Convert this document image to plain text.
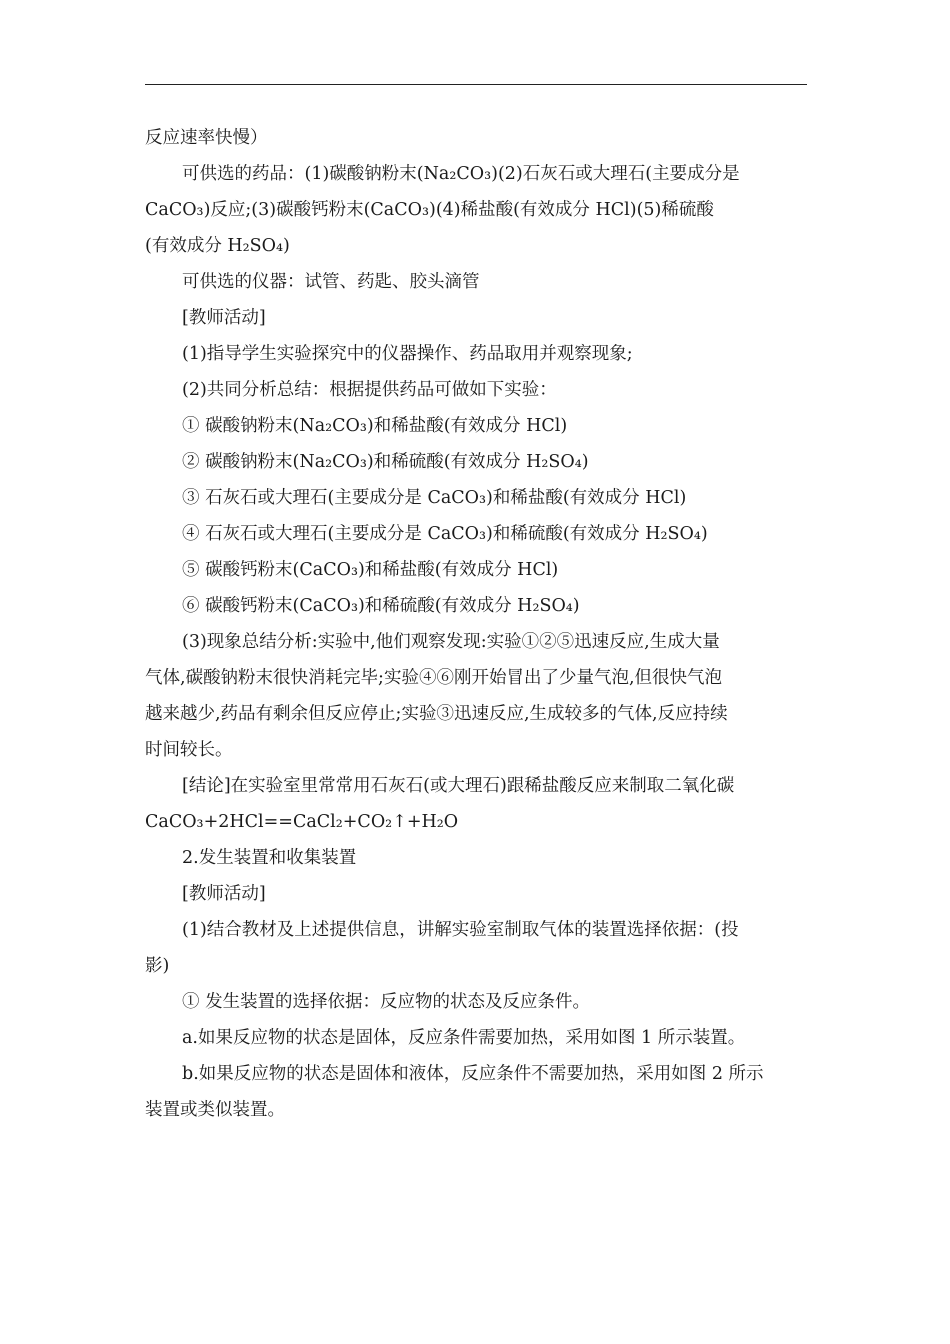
反应速率快慢）

可供选的药品：(1)碳酸钠粉末(Na₂CO₃)(2)石灰石或大理石(主要成分是

CaCO₃)反应;(3)碳酸钙粉末(CaCO₃)(4)稀盐酸(有效成分 HCl)(5)稀硫酸

(有效成分 H₂SO₄)

可供选的仪器：试管、药匙、胶头滴管

[教师活动]

(1)指导学生实验探究中的仪器操作、药品取用并观察现象;

(2)共同分析总结：根据提供药品可做如下实验：

① 碳酸钠粉末(Na₂CO₃)和稀盐酸(有效成分 HCl)

② 碳酸钠粉末(Na₂CO₃)和稀硫酸(有效成分 H₂SO₄)

③ 石灰石或大理石(主要成分是 CaCO₃)和稀盐酸(有效成分 HCl)

④ 石灰石或大理石(主要成分是 CaCO₃)和稀硫酸(有效成分 H₂SO₄)

⑤ 碳酸钙粉末(CaCO₃)和稀盐酸(有效成分 HCl)

⑥ 碳酸钙粉末(CaCO₃)和稀硫酸(有效成分 H₂SO₄)

(3)现象总结分析:实验中,他们观察发现:实验①②⑤迅速反应,生成大量

气体,碳酸钠粉末很快消耗完毕;实验④⑥刚开始冒出了少量气泡,但很快气泡

越来越少,药品有剩余但反应停止;实验③迅速反应,生成较多的气体,反应持续

时间较长。

[结论]在实验室里常常用石灰石(或大理石)跟稀盐酸反应来制取二氧化碳

CaCO₃+2HCl==CaCl₂+CO₂↑+H₂O

2.发生装置和收集装置

[教师活动]

(1)结合教材及上述提供信息，讲解实验室制取气体的装置选择依据：(投

影)

① 发生装置的选择依据：反应物的状态及反应条件。

a.如果反应物的状态是固体，反应条件需要加热，采用如图 1 所示装置。

b.如果反应物的状态是固体和液体，反应条件不需要加热，采用如图 2 所示

装置或类似装置。
